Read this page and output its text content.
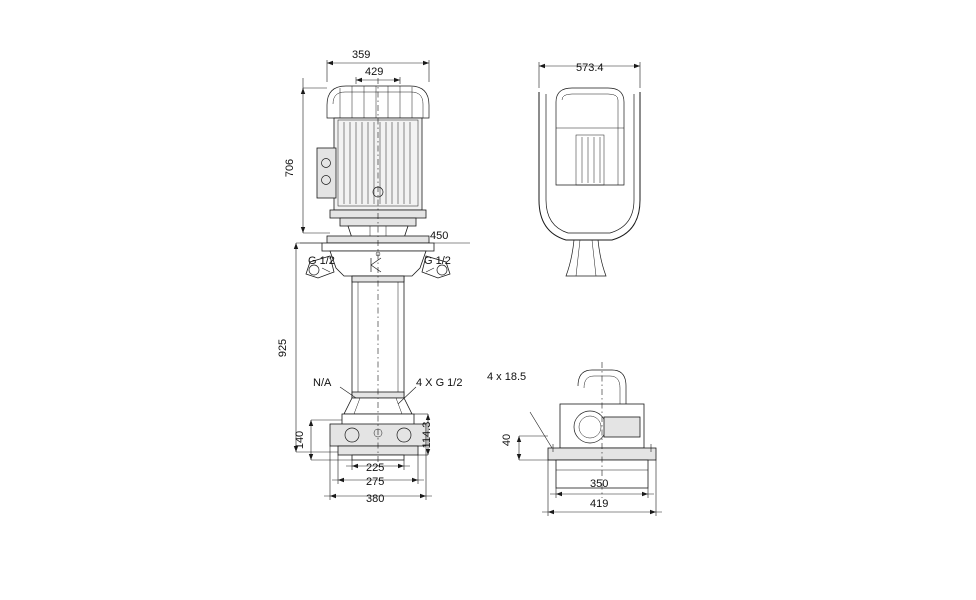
359
429
706
450
G 1/2	G 1/2
925
N/A	4 X G 1/2
140	114.3
225
275
380
573.4
4 x 18.5
40
350
419
